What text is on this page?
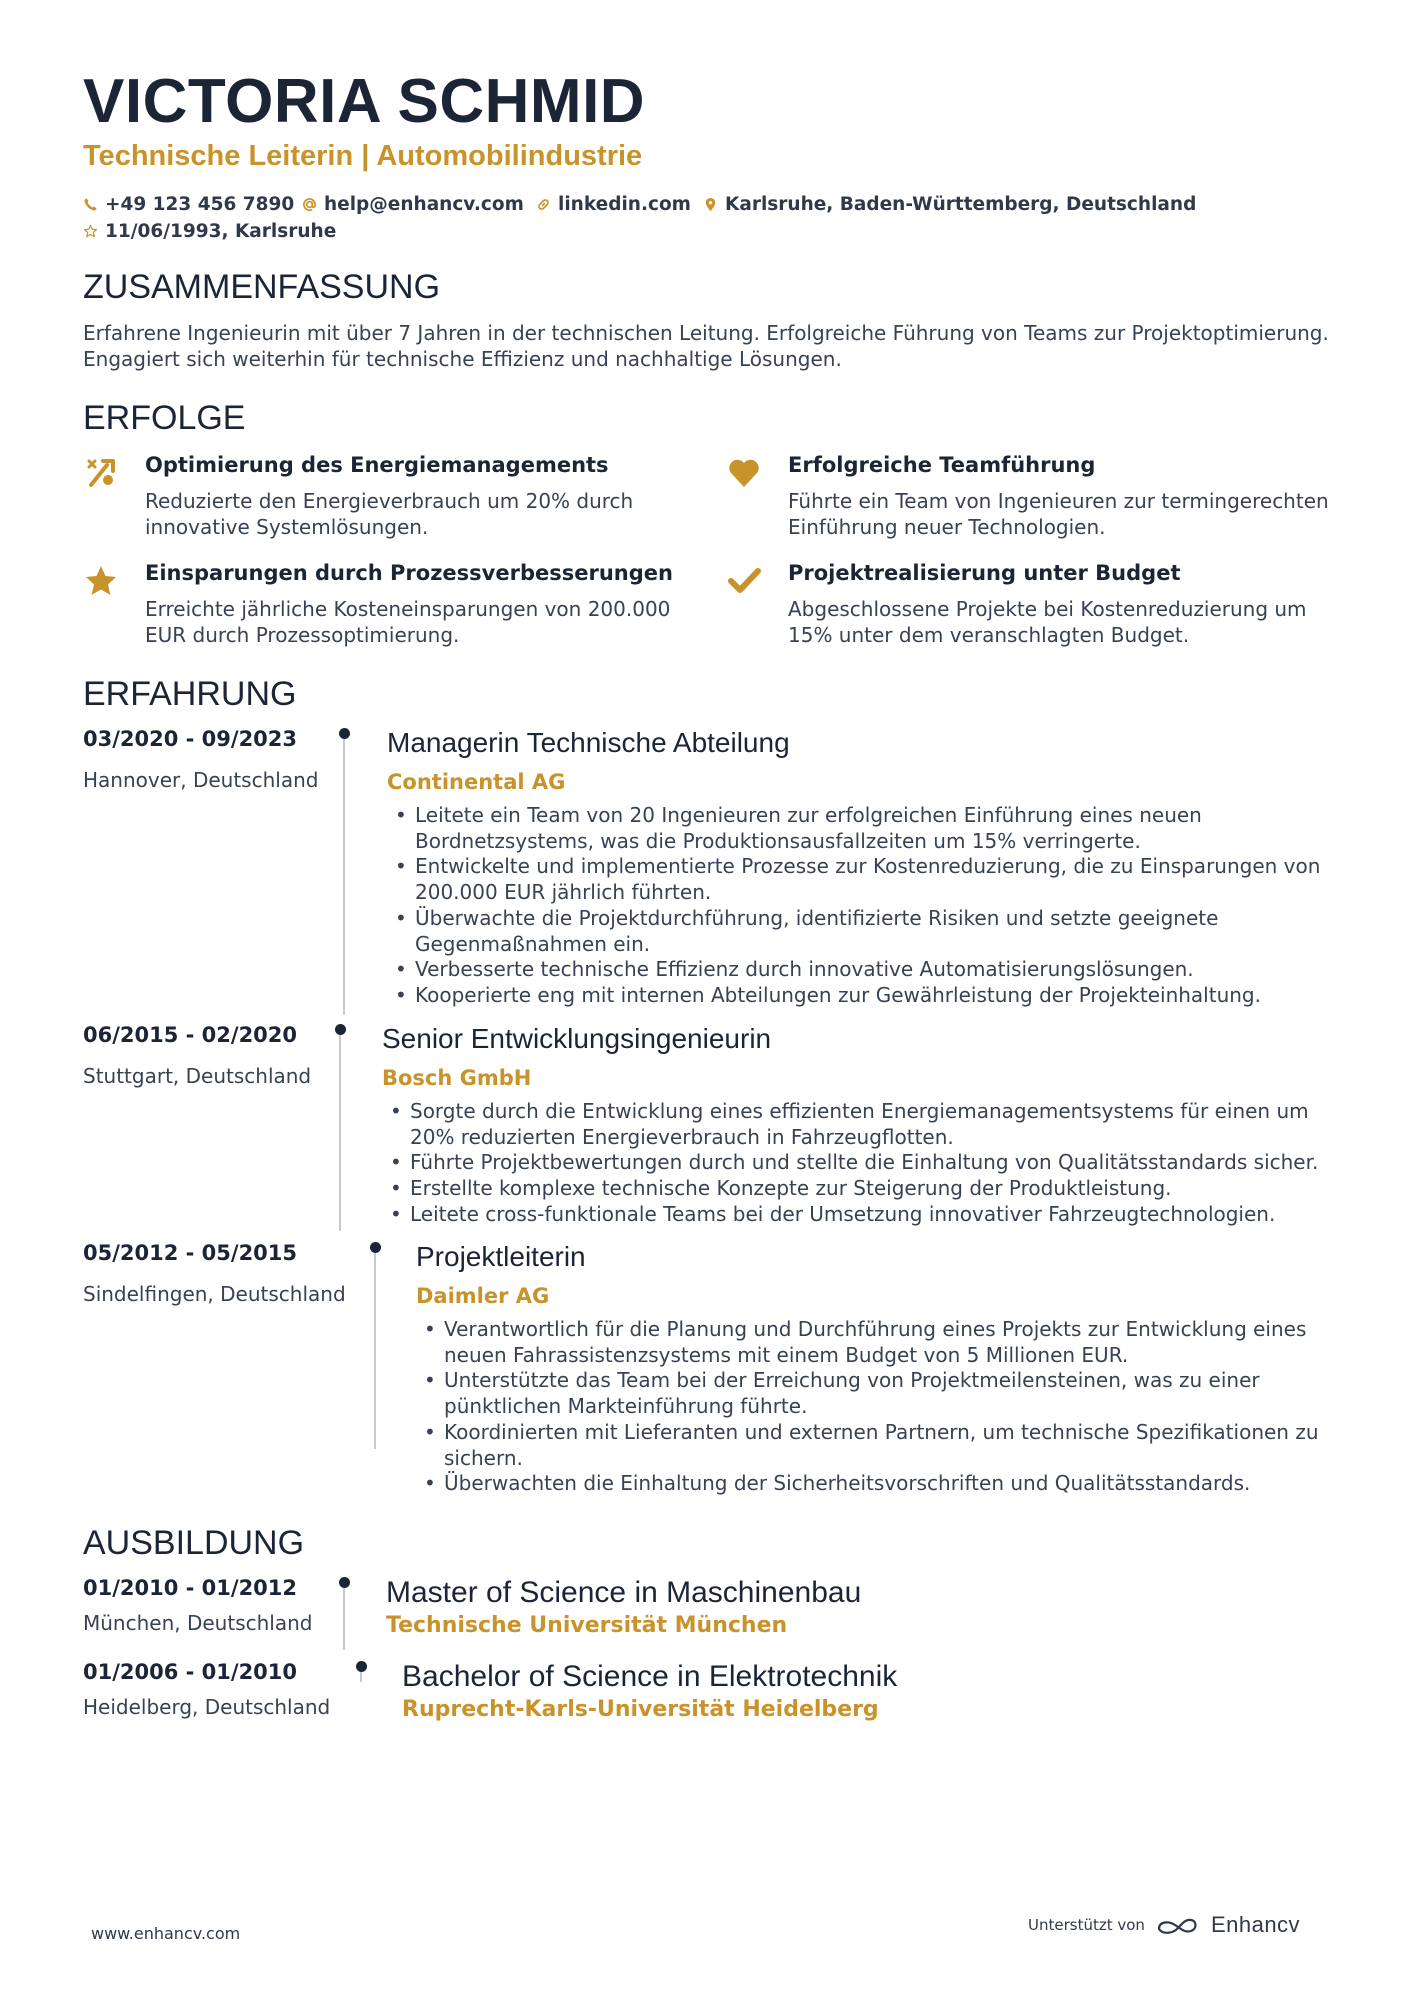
VICTORIA SCHMID
Technische Leiterin | Automobilindustrie
+49 123 456 7890 help@enhancv.com linkedin.com Karlsruhe, Baden-Württemberg, Deutschland
11/06/1993, Karlsruhe
ZUSAMMENFASSUNG
Erfahrene Ingenieurin mit über 7 Jahren in der technischen Leitung. Erfolgreiche Führung von Teams zur Projektoptimierung. Engagiert sich weiterhin für technische Effizienz und nachhaltige Lösungen.
ERFOLGE
Optimierung des Energiemanagements
Reduzierte den Energieverbrauch um 20% durch innovative Systemlösungen.
Erfolgreiche Teamführung
Führte ein Team von Ingenieuren zur termingerechten Einführung neuer Technologien.
Einsparungen durch Prozessverbesserungen
Erreichte jährliche Kosteneinsparungen von 200.000 EUR durch Prozessoptimierung.
Projektrealisierung unter Budget
Abgeschlossene Projekte bei Kostenreduzierung um 15% unter dem veranschlagten Budget.
ERFAHRUNG
03/2020 - 09/2023
Hannover, Deutschland
Managerin Technische Abteilung
Continental AG
• Leitete ein Team von 20 Ingenieuren zur erfolgreichen Einführung eines neuen Bordnetzsystems, was die Produktionsausfallzeiten um 15% verringerte.
• Entwickelte und implementierte Prozesse zur Kostenreduzierung, die zu Einsparungen von 200.000 EUR jährlich führten.
• Überwachte die Projektdurchführung, identifizierte Risiken und setzte geeignete Gegenmaßnahmen ein.
• Verbesserte technische Effizienz durch innovative Automatisierungslösungen.
• Kooperierte eng mit internen Abteilungen zur Gewährleistung der Projekteinhaltung.
06/2015 - 02/2020
Stuttgart, Deutschland
Senior Entwicklungsingenieurin
Bosch GmbH
• Sorgte durch die Entwicklung eines effizienten Energiemanagementsystems für einen um 20% reduzierten Energieverbrauch in Fahrzeugflotten.
• Führte Projektbewertungen durch und stellte die Einhaltung von Qualitätsstandards sicher.
• Erstellte komplexe technische Konzepte zur Steigerung der Produktleistung.
• Leitete cross-funktionale Teams bei der Umsetzung innovativer Fahrzeugtechnologien.
05/2012 - 05/2015
Sindelfingen, Deutschland
Projektleiterin
Daimler AG
• Verantwortlich für die Planung und Durchführung eines Projekts zur Entwicklung eines neuen Fahrassistenzsystems mit einem Budget von 5 Millionen EUR.
• Unterstützte das Team bei der Erreichung von Projektmeilensteinen, was zu einer pünktlichen Markteinführung führte.
• Koordinierten mit Lieferanten und externen Partnern, um technische Spezifikationen zu sichern.
• Überwachten die Einhaltung der Sicherheitsvorschriften und Qualitätsstandards.
AUSBILDUNG
01/2010 - 01/2012
München, Deutschland
Master of Science in Maschinenbau
Technische Universität München
01/2006 - 01/2010
Heidelberg, Deutschland
Bachelor of Science in Elektrotechnik
Ruprecht-Karls-Universität Heidelberg
www.enhancv.com	Unterstützt von	Enhancv
